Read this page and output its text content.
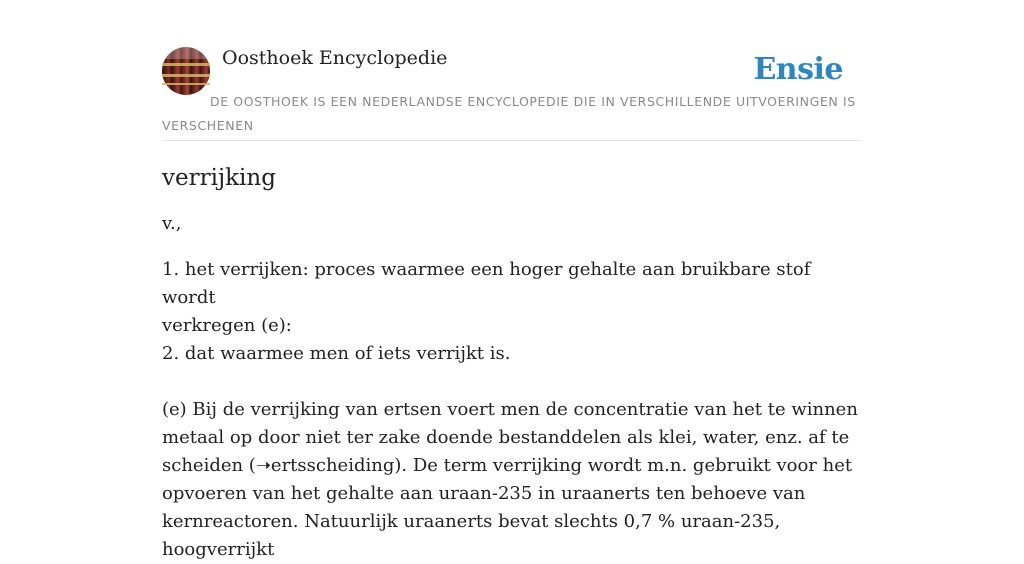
Oosthoek Encyclopedie	Ensie
DE OOSTHOEK IS EEN NEDERLANDSE ENCYCLOPEDIE DIE IN VERSCHILLENDE UITVOERINGEN IS VERSCHENEN
verrijking

v.,

1. het verrijken: proces waarmee een hoger gehalte aan bruikbare stof wordt
verkregen (e):
2. dat waarmee men of iets verrijkt is.
(e) Bij de verrijking van ertsen voert men de concentratie van het te winnen
metaal op door niet ter zake doende bestanddelen als klei, water, enz. af te
scheiden (➝ertsscheiding). De term verrijking wordt m.n. gebruikt voor het
opvoeren van het gehalte aan uraan-235 in uraanerts ten behoeve van
kernreactoren. Natuurlijk uraanerts bevat slechts 0,7 % uraan-235, hoogverrijkt
